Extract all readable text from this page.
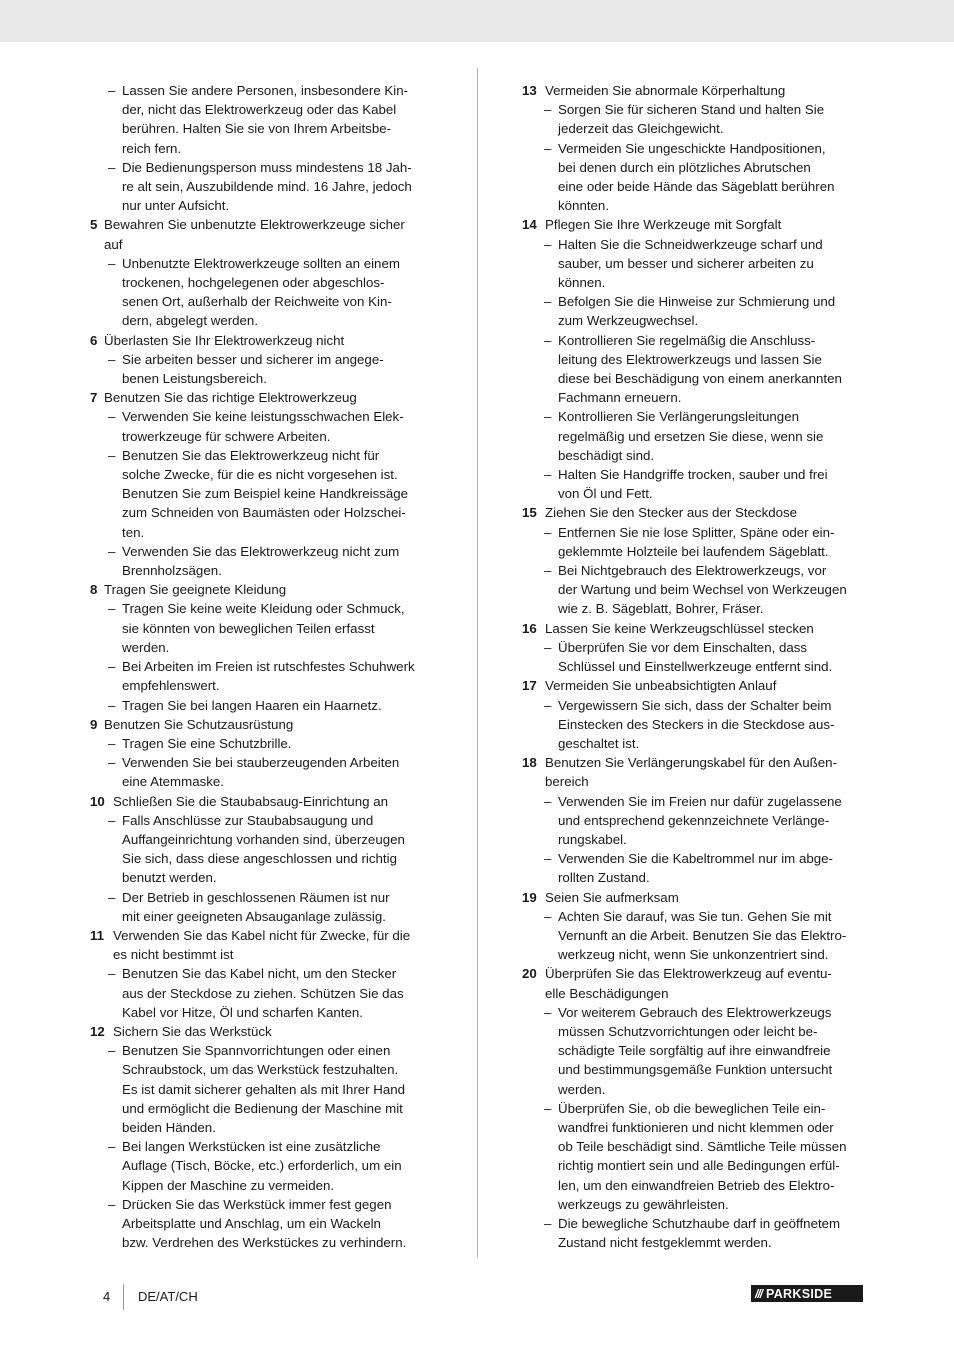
– Lassen Sie andere Personen, insbesondere Kin-
der, nicht das Elektrowerkzeug oder das Kabel
berühren. Halten Sie sie von Ihrem Arbeitsbe-
reich fern.
– Die Bedienungsperson muss mindestens 18 Jah-
re alt sein, Auszubildende mind. 16 Jahre, jedoch
nur unter Aufsicht.
5 Bewahren Sie unbenutzte Elektrowerkzeuge sicher
auf
– Unbenutzte Elektrowerkzeuge sollten an einem
trockenen, hochgelegenen oder abgeschlos-
senen Ort, außerhalb der Reichweite von Kin-
dern, abgelegt werden.
6 Überlasten Sie Ihr Elektrowerkzeug nicht
– Sie arbeiten besser und sicherer im angege-
benen Leistungsbereich.
7 Benutzen Sie das richtige Elektrowerkzeug
– Verwenden Sie keine leistungsschwachen Elek-
trowerkzeuge für schwere Arbeiten.
– Benutzen Sie das Elektrowerkzeug nicht für
solche Zwecke, für die es nicht vorgesehen ist.
Benutzen Sie zum Beispiel keine Handkreissäge
zum Schneiden von Baumästen oder Holzschei-
ten.
– Verwenden Sie das Elektrowerkzeug nicht zum
Brennholzsägen.
8 Tragen Sie geeignete Kleidung
– Tragen Sie keine weite Kleidung oder Schmuck,
sie könnten von beweglichen Teilen erfasst
werden.
– Bei Arbeiten im Freien ist rutschfestes Schuhwerk
empfehlenswert.
– Tragen Sie bei langen Haaren ein Haarnetz.
9 Benutzen Sie Schutzausrüstung
– Tragen Sie eine Schutzbrille.
– Verwenden Sie bei stauberzeugenden Arbeiten
eine Atemmaske.
10 Schließen Sie die Staubabsaug-Einrichtung an
– Falls Anschlüsse zur Staubabsaugung und
Auffangeinrichtung vorhanden sind, überzeugen
Sie sich, dass diese angeschlossen und richtig
benutzt werden.
– Der Betrieb in geschlossenen Räumen ist nur
mit einer geeigneten Absauganlage zulässig.
11 Verwenden Sie das Kabel nicht für Zwecke, für die
es nicht bestimmt ist
– Benutzen Sie das Kabel nicht, um den Stecker
aus der Steckdose zu ziehen. Schützen Sie das
Kabel vor Hitze, Öl und scharfen Kanten.
12 Sichern Sie das Werkstück
– Benutzen Sie Spannvorrichtungen oder einen
Schraubstock, um das Werkstück festzuhalten.
Es ist damit sicherer gehalten als mit Ihrer Hand
und ermöglicht die Bedienung der Maschine mit
beiden Händen.
– Bei langen Werkstücken ist eine zusätzliche
Auflage (Tisch, Böcke, etc.) erforderlich, um ein
Kippen der Maschine zu vermeiden.
– Drücken Sie das Werkstück immer fest gegen
Arbeitsplatte und Anschlag, um ein Wackeln
bzw. Verdrehen des Werkstückes zu verhindern.
13 Vermeiden Sie abnormale Körperhaltung
– Sorgen Sie für sicheren Stand und halten Sie
jederzeit das Gleichgewicht.
– Vermeiden Sie ungeschickte Handpositionen,
bei denen durch ein plötzliches Abrutschen
eine oder beide Hände das Sägeblatt berühren
könnten.
14 Pflegen Sie Ihre Werkzeuge mit Sorgfalt
– Halten Sie die Schneidwerkzeuge scharf und
sauber, um besser und sicherer arbeiten zu
können.
– Befolgen Sie die Hinweise zur Schmierung und
zum Werkzeugwechsel.
– Kontrollieren Sie regelmäßig die Anschluss-
leitung des Elektrowerkzeugs und lassen Sie
diese bei Beschädigung von einem anerkannten
Fachmann erneuern.
– Kontrollieren Sie Verlängerungsleitungen
regelmäßig und ersetzen Sie diese, wenn sie
beschädigt sind.
– Halten Sie Handgriffe trocken, sauber und frei
von Öl und Fett.
15 Ziehen Sie den Stecker aus der Steckdose
– Entfernen Sie nie lose Splitter, Späne oder ein-
geklemmte Holzteile bei laufendem Sägeblatt.
– Bei Nichtgebrauch des Elektrowerkzeugs, vor
der Wartung und beim Wechsel von Werkzeugen
wie z. B. Sägeblatt, Bohrer, Fräser.
16 Lassen Sie keine Werkzeugschlüssel stecken
– Überprüfen Sie vor dem Einschalten, dass
Schlüssel und Einstellwerkzeuge entfernt sind.
17 Vermeiden Sie unbeabsichtigten Anlauf
– Vergewissern Sie sich, dass der Schalter beim
Einstecken des Steckers in die Steckdose aus-
geschaltet ist.
18 Benutzen Sie Verlängerungskabel für den Außen-
bereich
– Verwenden Sie im Freien nur dafür zugelassene
und entsprechend gekennzeichnete Verlänge-
rungskabel.
– Verwenden Sie die Kabeltrommel nur im abge-
rollten Zustand.
19 Seien Sie aufmerksam
– Achten Sie darauf, was Sie tun. Gehen Sie mit
Vernunft an die Arbeit. Benutzen Sie das Elektro-
werkzeug nicht, wenn Sie unkonzentriert sind.
20 Überprüfen Sie das Elektrowerkzeug auf eventu-
elle Beschädigungen
– Vor weiterem Gebrauch des Elektrowerkzeugs
müssen Schutzvorrichtungen oder leicht be-
schädigte Teile sorgfältig auf ihre einwandfreie
und bestimmungsgemäße Funktion untersucht
werden.
– Überprüfen Sie, ob die beweglichen Teile ein-
wandfrei funktionieren und nicht klemmen oder
ob Teile beschädigt sind. Sämtliche Teile müssen
richtig montiert sein und alle Bedingungen erfül-
len, um den einwandfreien Betrieb des Elektro-
werkzeugs zu gewährleisten.
– Die bewegliche Schutzhaube darf in geöffnetem
Zustand nicht festgeklemmt werden.
4 DE/AT/CH	/// PARKSIDE
